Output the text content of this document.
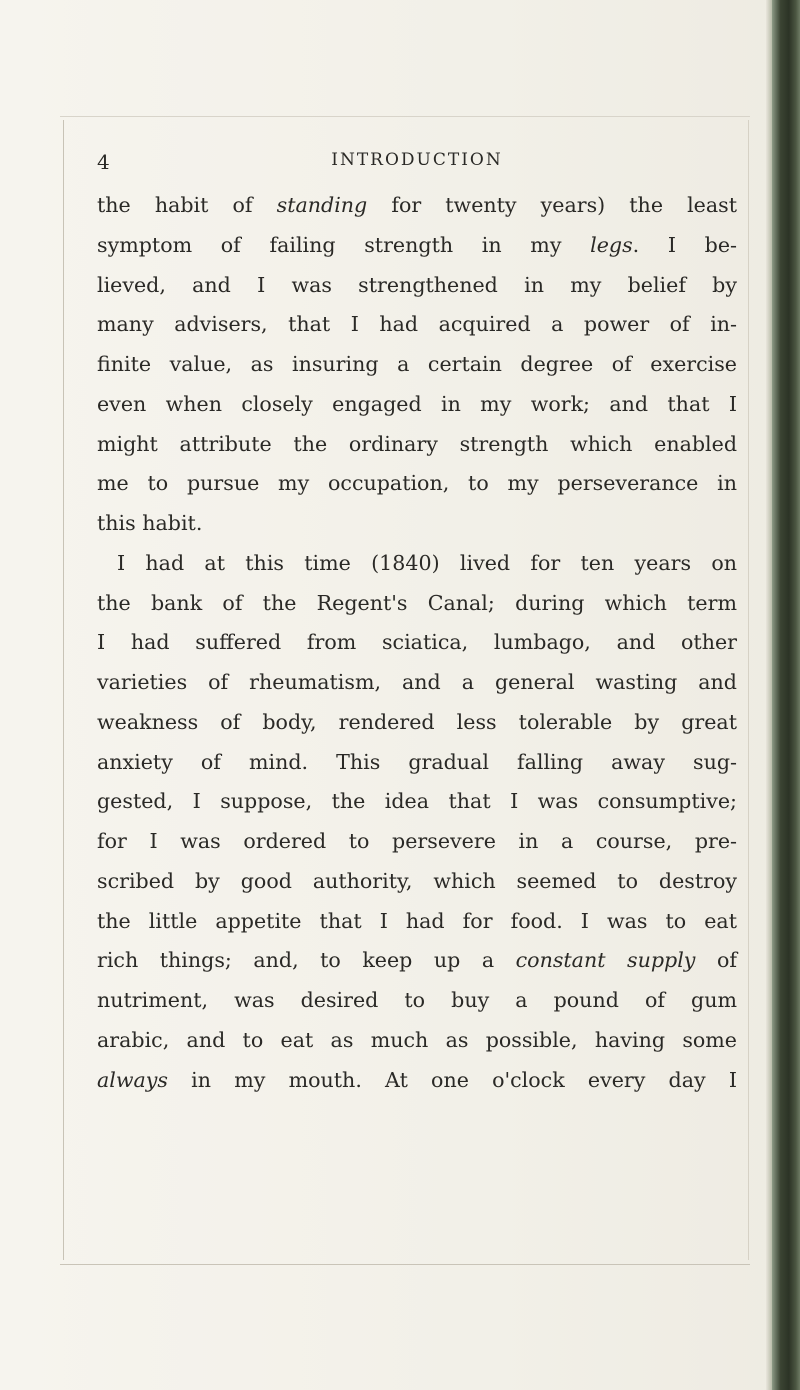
4	INTRODUCTION
the habit of standing for twenty years) the least
symptom of failing strength in my legs. I be-
lieved, and I was strengthened in my belief by
many advisers, that I had acquired a power of in-
finite value, as insuring a certain degree of exercise
even when closely engaged in my work; and that I
might attribute the ordinary strength which enabled
me to pursue my occupation, to my perseverance in
this habit.
I had at this time (1840) lived for ten years on
the bank of the Regent's Canal; during which term
I had suffered from sciatica, lumbago, and other
varieties of rheumatism, and a general wasting and
weakness of body, rendered less tolerable by great
anxiety of mind. This gradual falling away sug-
gested, I suppose, the idea that I was consumptive;
for I was ordered to persevere in a course, pre-
scribed by good authority, which seemed to destroy
the little appetite that I had for food. I was to eat
rich things; and, to keep up a constant supply of
nutriment, was desired to buy a pound of gum
arabic, and to eat as much as possible, having some
always in my mouth. At one o'clock every day I
